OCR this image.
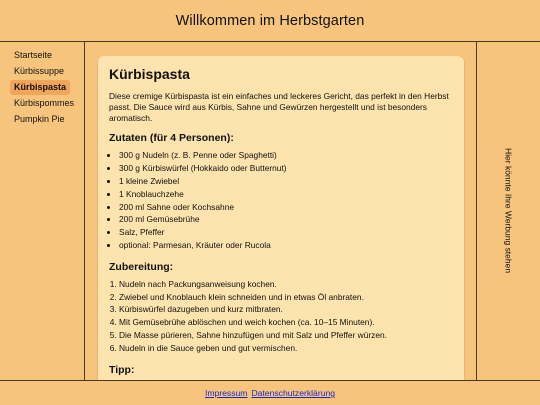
Willkommen im Herbstgarten
Startseite
Kürbissuppe
Kürbispasta
Kürbispommes
Pumpkin Pie
Kürbispasta

Diese cremige Kürbispasta ist ein einfaches und leckeres Gericht, das perfekt in den Herbst passt. Die Sauce wird aus Kürbis, Sahne und Gewürzen hergestellt und ist besonders aromatisch.

Zutaten (für 4 Personen):
• 300 g Nudeln (z. B. Penne oder Spaghetti)
• 300 g Kürbiswürfel (Hokkaido oder Butternut)
• 1 kleine Zwiebel
• 1 Knoblauchzehe
• 200 ml Sahne oder Kochsahne
• 200 ml Gemüsebrühe
• Salz, Pfeffer
• optional: Parmesan, Kräuter oder Rucola
Zubereitung:
1. Nudeln nach Packungsanweisung kochen.
2. Zwiebel und Knoblauch klein schneiden und in etwas Öl anbraten.
3. Kürbiswürfel dazugeben und kurz mitbraten.
4. Mit Gemüsebrühe ablöschen und weich kochen (ca. 10–15 Minuten).
5. Die Masse pürieren, Sahne hinzufügen und mit Salz und Pfeffer würzen.
6. Nudeln in die Sauce geben und gut vermischen.
Tipp:

Hier könnte Ihre Werbung stehen
Impressum Datenschutzerklärung
